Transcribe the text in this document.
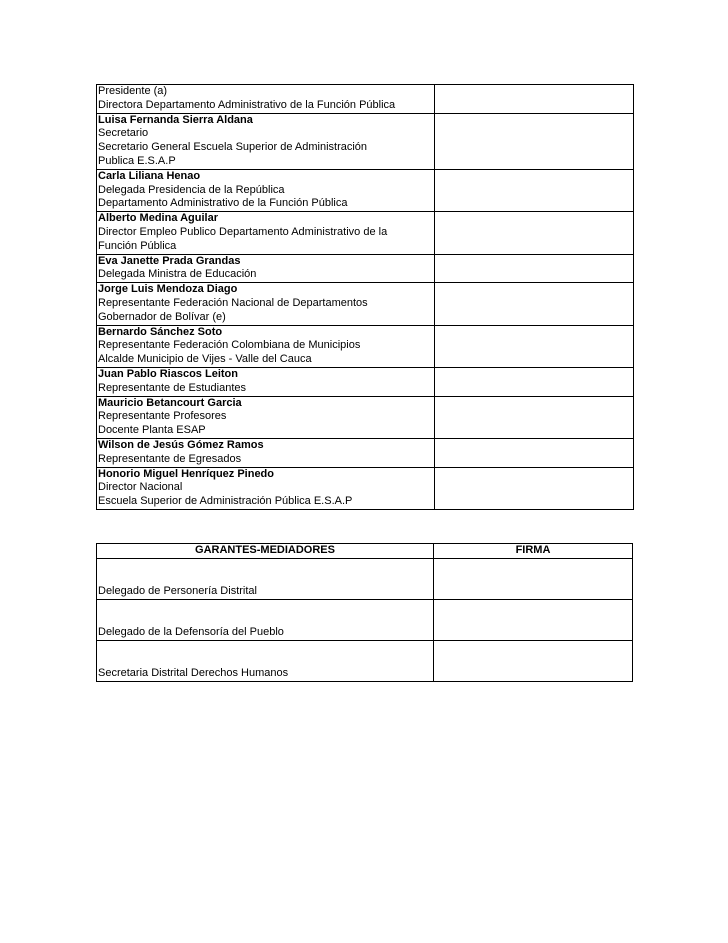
Presidente (a)
Directora Departamento Administrativo de la Función Pública	

Luisa Fernanda Sierra Aldana
Secretario
Secretario General Escuela Superior de Administración
Publica E.S.A.P	

Carla Liliana Henao
Delegada Presidencia de la República
Departamento Administrativo de la Función Pública	

Alberto Medina Aguilar
Director Empleo Publico Departamento Administrativo de la
Función Pública	

Eva Janette Prada Grandas
Delegada Ministra de Educación	

Jorge Luis Mendoza Diago
Representante Federación Nacional de Departamentos
Gobernador de Bolívar (e)	

Bernardo Sánchez Soto
Representante Federación Colombiana de Municipios
Alcalde Municipio de Vijes - Valle del Cauca	

Juan Pablo Riascos Leiton
Representante de Estudiantes	

Mauricio Betancourt Garcia
Representante Profesores
Docente Planta ESAP	

Wilson de Jesús Gómez Ramos
Representante de Egresados	

Honorio Miguel Henríquez Pinedo
Director Nacional
Escuela Superior de Administración Pública E.S.A.P	

GARANTES-MEDIADORES	FIRMA
Delegado de Personería Distrital	
Delegado de la Defensoría del Pueblo	
Secretaria Distrital Derechos Humanos	
